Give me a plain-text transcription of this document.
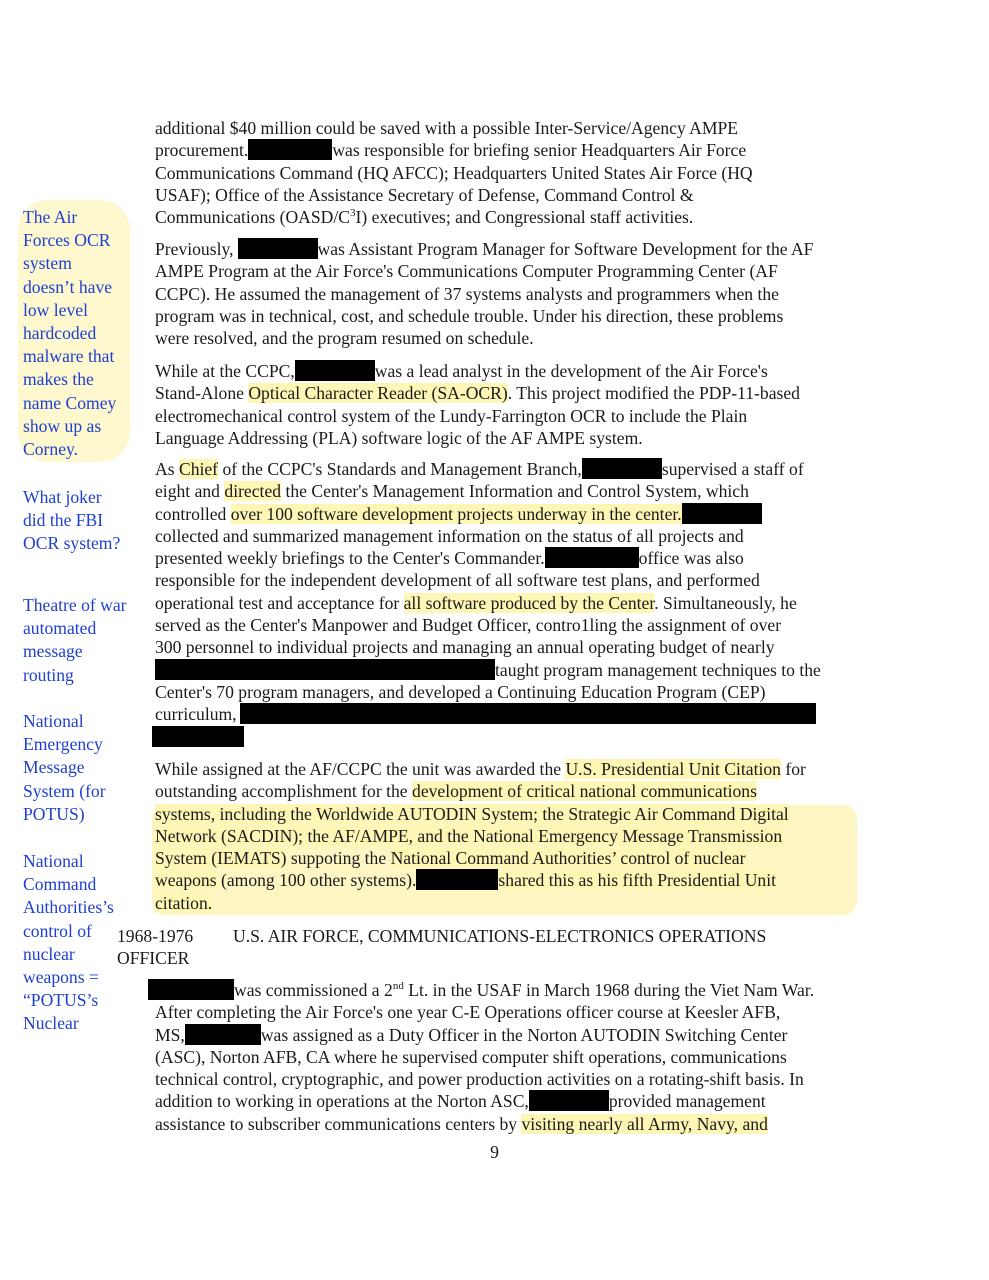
additional $40 million could be saved with a possible Inter-Service/Agency AMPE
procurement.	was responsible for briefing senior Headquarters Air Force
Communications Command (HQ AFCC); Headquarters United States Air Force (HQ
USAF); Office of the Assistance Secretary of Defense, Command Control &
Communications $(OASD/C^3I)$ executives; and Congressional staff activities.
Previously,	was Assistant Program Manager for Software Development for the AF
AMPE Program at the Air Force's Communications Computer Programming Center (AF
CCPC). He assumed the management of 37 systems analysts and programmers when the
program was in technical, cost, and schedule trouble. Under his direction, these problems
were resolved, and the program resumed on schedule.
While at the CCPC,	was a lead analyst in the development of the Air Force's
Stand-Alone Optical Character Reader (SA-OCR). This project modified the PDP-11-based
electromechanical control system of the Lundy-Farrington OCR to include the Plain
Language Addressing (PLA) software logic of the AF AMPE system.
As Chief of the CCPC's Standards and Management Branch,	supervised a staff of
eight and directed the Center's Management Information and Control System, which
controlled over 100 software development projects underway in the center.
collected and summarized management information on the status of all projects and
presented weekly briefings to the Center's Commander.	office was also
responsible for the independent development of all software test plans, and performed
operational test and acceptance for all software produced by the Center. Simultaneously, he
served as the Center's Manpower and Budget Officer, contro1ling the assignment of over
300 personnel to individual projects and managing an annual operating budget of nearly
taught program management techniques to the
Center's 70 program managers, and developed a Continuing Education Program (CEP)
curriculum,
While assigned at the AF/CCPC the unit was awarded the U.S. Presidential Unit Citation for
outstanding accomplishment for the development of critical national communications
systems, including the Worldwide AUTODIN System; the Strategic Air Command Digital
Network (SACDIN); the AF/AMPE, and the National Emergency Message Transmission
System (IEMATS) suppoting the National Command Authorities’ control of nuclear
weapons (among 100 other systems).	shared this as his fifth Presidential Unit
citation.
1968-1976 U.S. AIR FORCE, COMMUNICATIONS-ELECTRONICS OPERATIONS
OFFICER
was commissioned a 2nd Lt. in the USAF in March 1968 during the Viet Nam War.
After completing the Air Force's one year C-E Operations officer course at Keesler AFB,
MS,	was assigned as a Duty Officer in the Norton AUTODIN Switching Center
(ASC), Norton AFB, CA where he supervised computer shift operations, communications
technical control, cryptographic, and power production activities on a rotating-shift basis. In
addition to working in operations at the Norton ASC,	provided management
assistance to subscriber communications centers by visiting nearly all Army, Navy, and
The Air
Forces OCR
system
doesn’t have
low level
hardcoded
malware that
makes the
name Comey
show up as
Corney.
What joker
did the FBI
OCR system?
Theatre of war
automated
message
routing
National
Emergency
Message
System (for
POTUS)
National
Command
Authorities’s
control of
nuclear
weapons =
“POTUS’s
Nuclear
9
